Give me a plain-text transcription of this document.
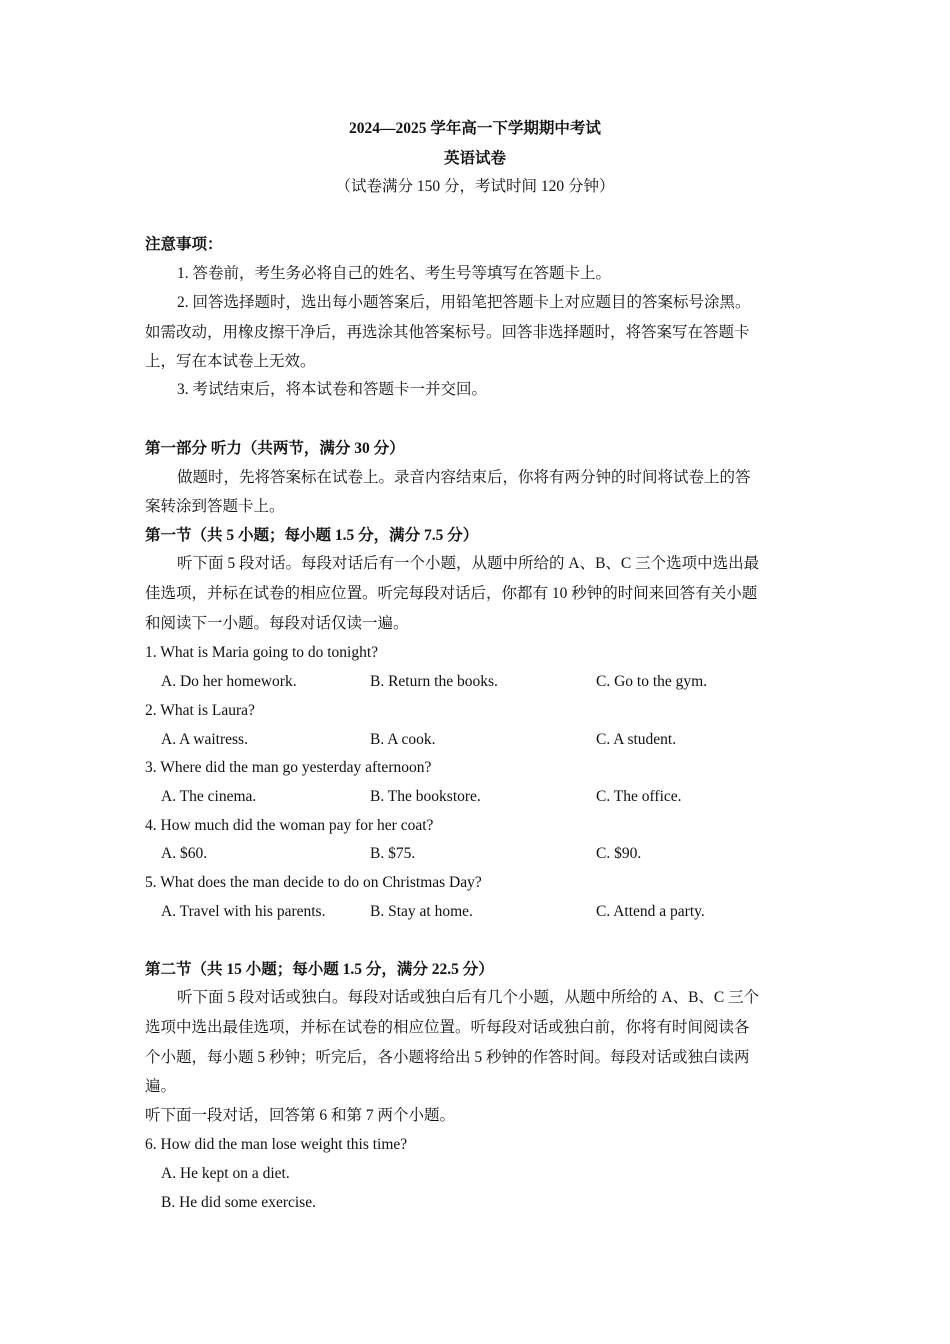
2024—2025 学年高一下学期期中考试
英语试卷
（试卷满分 150 分，考试时间 120 分钟）
注意事项：
1. 答卷前，考生务必将自己的姓名、考生号等填写在答题卡上。
2. 回答选择题时，选出每小题答案后，用铅笔把答题卡上对应题目的答案标号涂黑。
如需改动，用橡皮擦干净后，再选涂其他答案标号。回答非选择题时，将答案写在答题卡
上，写在本试卷上无效。
3. 考试结束后，将本试卷和答题卡一并交回。
第一部分 听力（共两节，满分 30 分）
做题时，先将答案标在试卷上。录音内容结束后，你将有两分钟的时间将试卷上的答
案转涂到答题卡上。
第一节（共 5 小题；每小题 1.5 分，满分 7.5 分）
听下面 5 段对话。每段对话后有一个小题，从题中所给的 A、B、C 三个选项中选出最
佳选项，并标在试卷的相应位置。听完每段对话后，你都有 10 秒钟的时间来回答有关小题
和阅读下一小题。每段对话仅读一遍。
1. What is Maria going to do tonight?
A. Do her homework.	B. Return the books.	C. Go to the gym.
2. What is Laura?
A. A waitress.	B. A cook.	C. A student.
3. Where did the man go yesterday afternoon?
A. The cinema.	B. The bookstore.	C. The office.
4. How much did the woman pay for her coat?
A. $60.	B. $75.	C. $90.
5. What does the man decide to do on Christmas Day?
A. Travel with his parents.	B. Stay at home.	C. Attend a party.
第二节（共 15 小题；每小题 1.5 分，满分 22.5 分）
听下面 5 段对话或独白。每段对话或独白后有几个小题，从题中所给的 A、B、C 三个
选项中选出最佳选项，并标在试卷的相应位置。听每段对话或独白前，你将有时间阅读各
个小题，每小题 5 秒钟；听完后，各小题将给出 5 秒钟的作答时间。每段对话或独白读两
遍。
听下面一段对话，回答第 6 和第 7 两个小题。
6. How did the man lose weight this time?
A. He kept on a diet.
B. He did some exercise.
